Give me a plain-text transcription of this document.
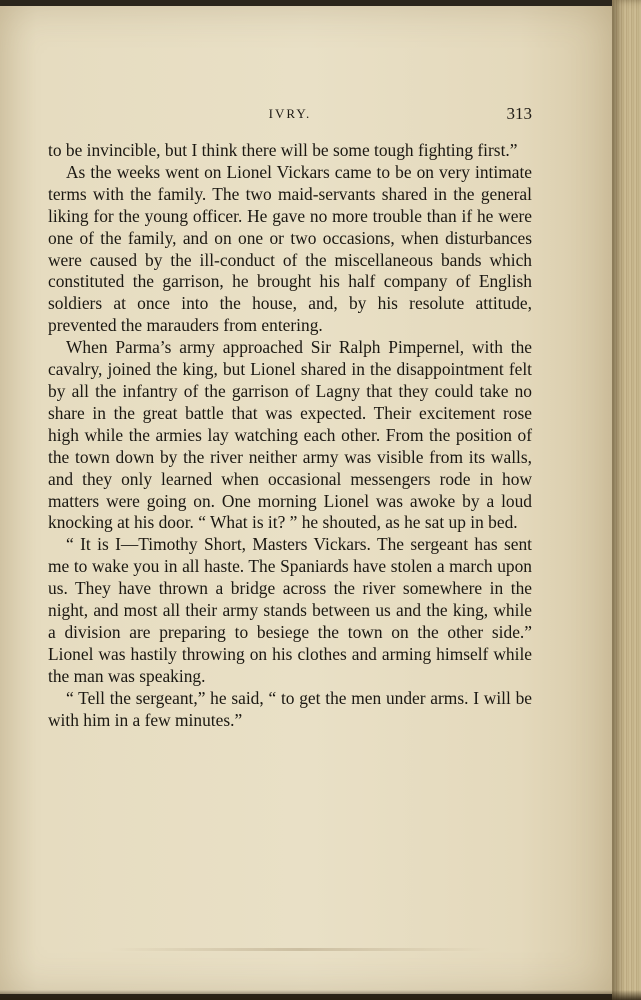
IVRY.	313

to be invincible, but I think there will be some tough fighting first.”

As the weeks went on Lionel Vickars came to be on very intimate terms with the family. The two maid-servants shared in the general liking for the young officer. He gave no more trouble than if he were one of the family, and on one or two occasions, when disturbances were caused by the ill-conduct of the miscellaneous bands which constituted the garrison, he brought his half company of English soldiers at once into the house, and, by his resolute attitude, prevented the marauders from entering.

When Parma’s army approached Sir Ralph Pimpernel, with the cavalry, joined the king, but Lionel shared in the disappointment felt by all the infantry of the garrison of Lagny that they could take no share in the great battle that was expected. Their excitement rose high while the armies lay watching each other. From the position of the town down by the river neither army was visible from its walls, and they only learned when occasional messengers rode in how matters were going on. One morning Lionel was awoke by a loud knocking at his door. “ What is it? ” he shouted, as he sat up in bed.

“ It is I—Timothy Short, Masters Vickars. The sergeant has sent me to wake you in all haste. The Spaniards have stolen a march upon us. They have thrown a bridge across the river somewhere in the night, and most all their army stands between us and the king, while a division are preparing to besiege the town on the other side.” Lionel was hastily throwing on his clothes and arming himself while the man was speaking.

“ Tell the sergeant,” he said, “ to get the men under arms. I will be with him in a few minutes.”
